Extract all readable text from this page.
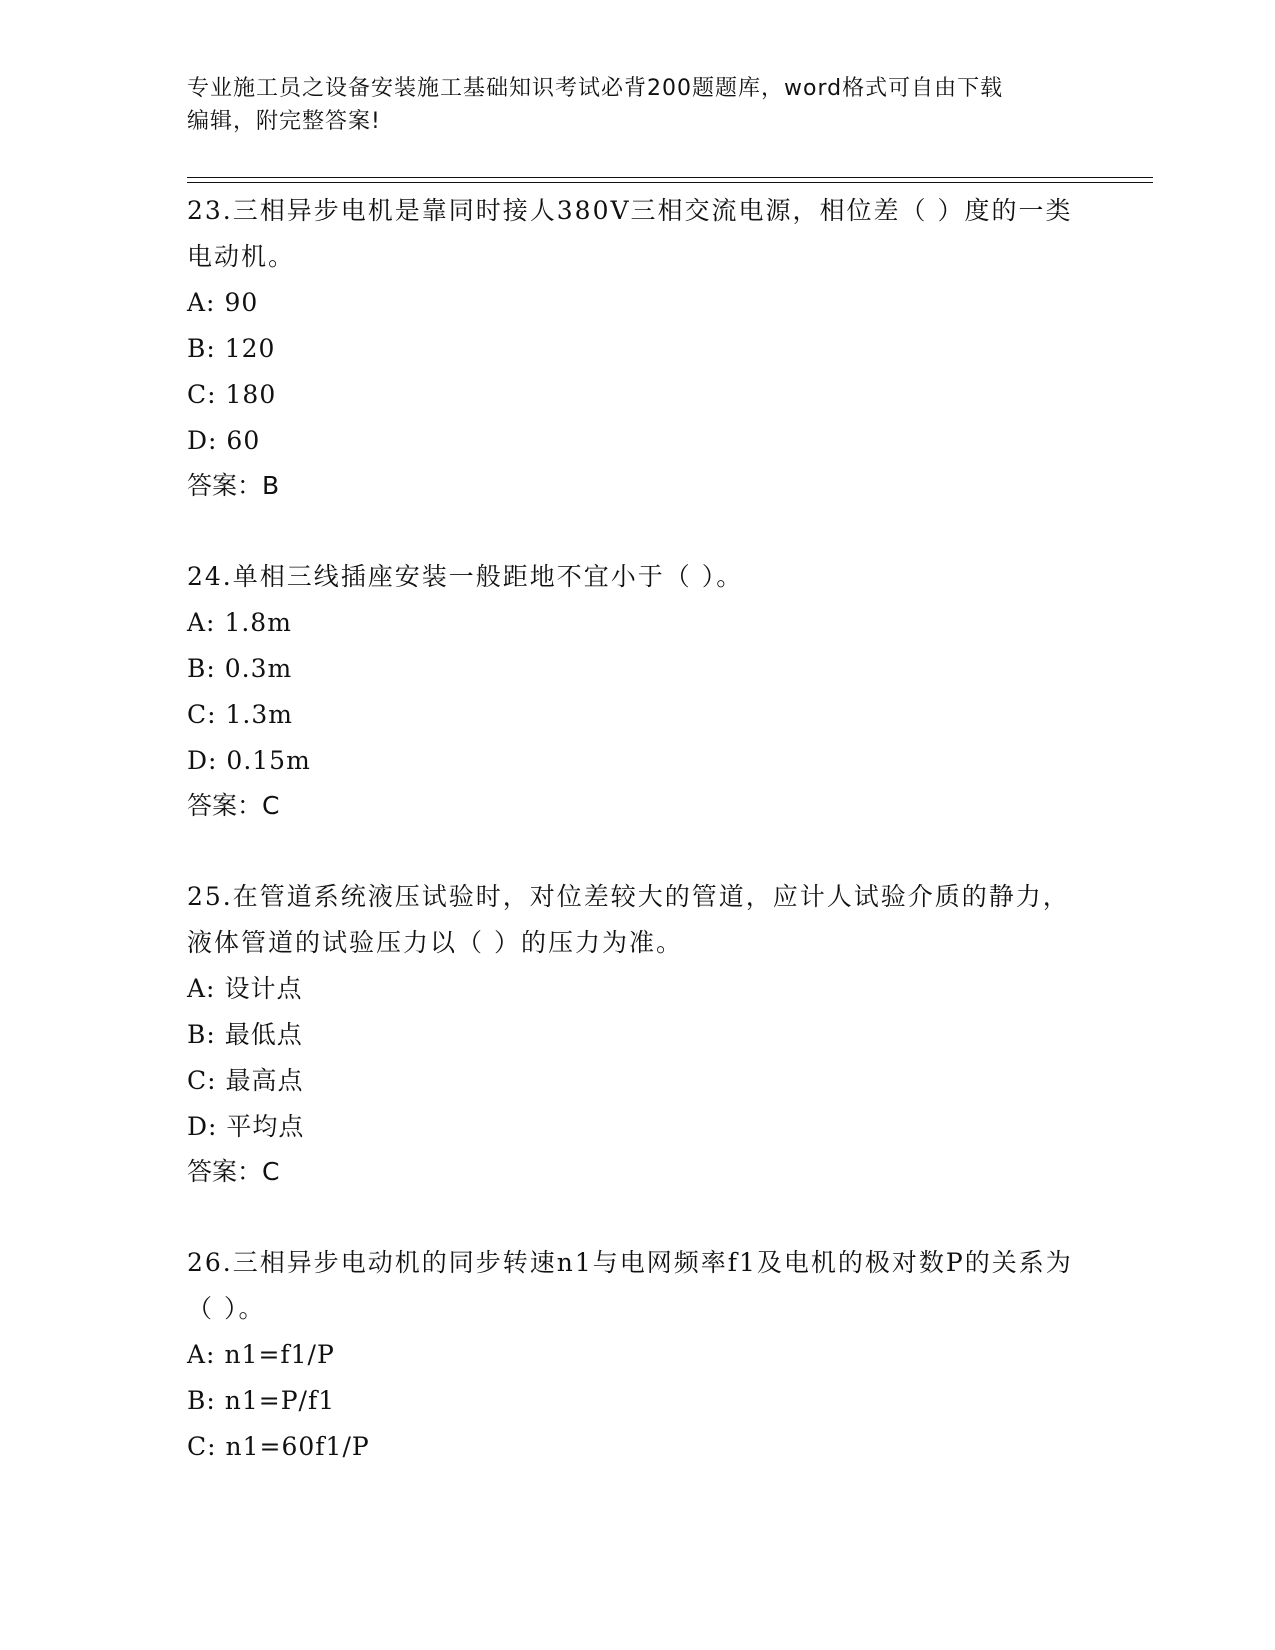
专业施工员之设备安装施工基础知识考试必背200题题库，word格式可自由下载
编辑，附完整答案!

23.三相异步电机是靠同时接人380V三相交流电源，相位差（ ）度的一类电动机。

A: 90

B: 120

C: 180

D: 60

答案：B

24.单相三线插座安装一般距地不宜小于（ ）。

A: 1.8m

B: 0.3m

C: 1.3m

D: 0.15m

答案：C

25.在管道系统液压试验时，对位差较大的管道，应计人试验介质的静力，液体管道的试验压力以（ ）的压力为准。

A: 设计点

B: 最低点

C: 最高点

D: 平均点

答案：C

26.三相异步电动机的同步转速n1与电网频率f1及电机的极对数P的关系为（ ）。

A: n1=f1/P

B: n1=P/f1

C: n1=60f1/P
